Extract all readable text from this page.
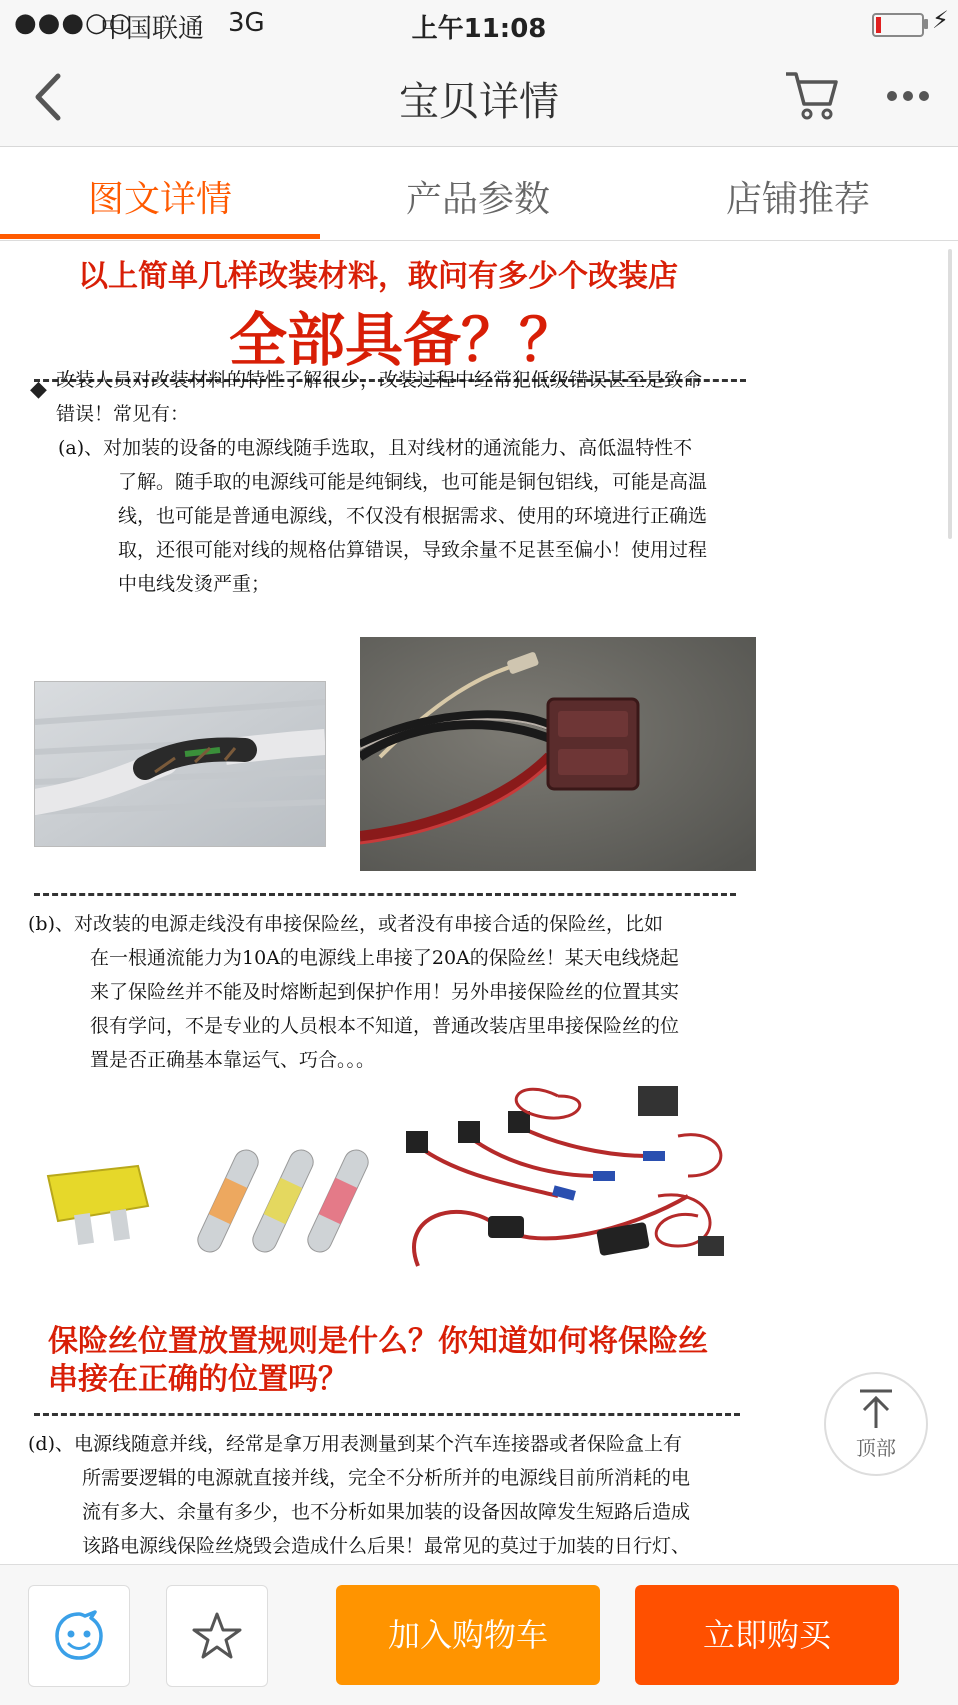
●●●○○
中国联通 3G	上午11:08	⚡
宝贝详情
图文详情	产品参数	店铺推荐
以上简单几样改装材料，敢问有多少个改装店
全部具备？？
◆ 改装人员对改装材料的特性了解很少，改装过程中经常犯低级错误甚至是致命
错误！常见有：
(a)、对加装的设备的电源线随手选取，且对线材的通流能力、高低温特性不
了解。随手取的电源线可能是纯铜线，也可能是铜包铝线，可能是高温
线，也可能是普通电源线，不仅没有根据需求、使用的环境进行正确选
取，还很可能对线的规格估算错误，导致余量不足甚至偏小！使用过程
中电线发烫严重；
(b)、对改装的电源走线没有串接保险丝，或者没有串接合适的保险丝，比如
在一根通流能力为10A的电源线上串接了20A的保险丝！某天电线烧起
来了保险丝并不能及时熔断起到保护作用！另外串接保险丝的位置其实
很有学问，不是专业的人员根本不知道，普通改装店里串接保险丝的位
置是否正确基本靠运气、巧合。。。
保险丝位置放置规则是什么？你知道如何将保险丝
串接在正确的位置吗？
(d)、电源线随意并线，经常是拿万用表测量到某个汽车连接器或者保险盒上有
所需要逻辑的电源就直接并线，完全不分析所并的电源线目前所消耗的电
流有多大、余量有多少，也不分析如果加装的设备因故障发生短路后造成
该路电源线保险丝烧毁会造成什么后果！最常见的莫过于加装的日行灯、
顶部
加入购物车	立即购买
